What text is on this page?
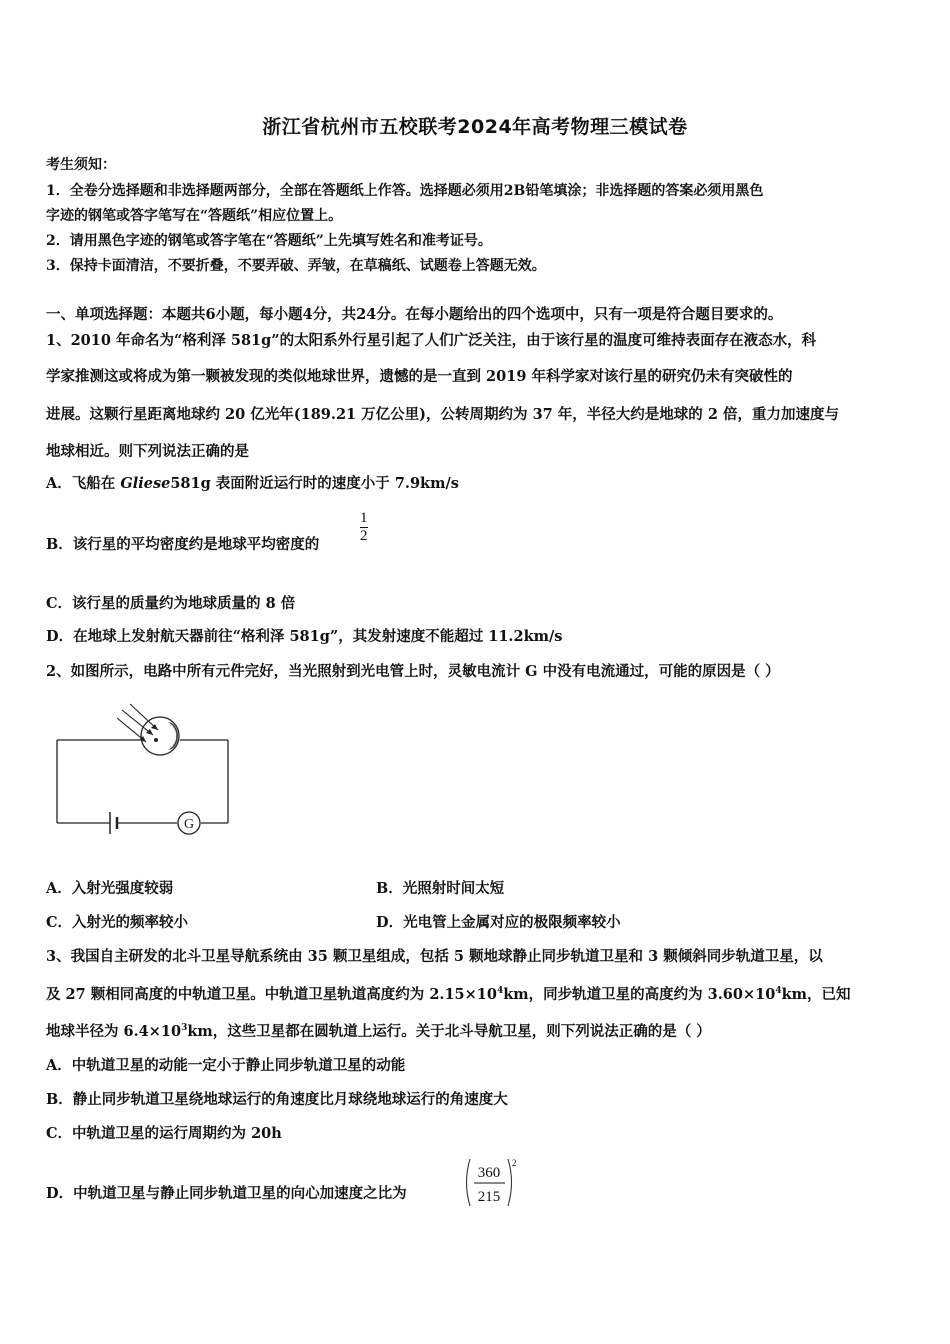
浙江省杭州市五校联考2024年高考物理三模试卷
考生须知：
1．全卷分选择题和非选择题两部分，全部在答题纸上作答。选择题必须用2B铅笔填涂；非选择题的答案必须用黑色
字迹的钢笔或答字笔写在“答题纸”相应位置上。
2．请用黑色字迹的钢笔或答字笔在“答题纸”上先填写姓名和准考证号。
3．保持卡面清洁，不要折叠，不要弄破、弄皱，在草稿纸、试题卷上答题无效。
一、单项选择题：本题共6小题，每小题4分，共24分。在每小题给出的四个选项中，只有一项是符合题目要求的。
1、2010 年命名为“格利泽 581g”的太阳系外行星引起了人们广泛关注，由于该行星的温度可维持表面存在液态水，科
学家推测这或将成为第一颗被发现的类似地球世界，遗憾的是一直到 2019 年科学家对该行星的研究仍未有突破性的
进展。这颗行星距离地球约 20 亿光年(189.21 万亿公里)，公转周期约为 37 年，半径大约是地球的 2 倍，重力加速度与
地球相近。则下列说法正确的是
A．飞船在 Gliese581g 表面附近运行时的速度小于 7.9km/s
B．该行星的平均密度约是地球平均密度的
$\frac{1}{2}$
C．该行星的质量约为地球质量的 8 倍
D．在地球上发射航天器前往“格利泽 581g”，其发射速度不能超过 11.2km/s
2、如图所示，电路中所有元件完好，当光照射到光电管上时，灵敏电流计 G 中没有电流通过，可能的原因是（ ）
G
A．入射光强度较弱	B．光照射时间太短
C．入射光的频率较小	D．光电管上金属对应的极限频率较小
3、我国自主研发的北斗卫星导航系统由 35 颗卫星组成，包括 5 颗地球静止同步轨道卫星和 3 颗倾斜同步轨道卫星，以
及 27 颗相同高度的中轨道卫星。中轨道卫星轨道高度约为 $2.15\times 10^4km$，同步轨道卫星的高度约为 $3.60\times 10^4km$，已知
地球半径为 $6.4\times 10^3km$，这些卫星都在圆轨道上运行。关于北斗导航卫星，则下列说法正确的是（ ）
A．中轨道卫星的动能一定小于静止同步轨道卫星的动能
B．静止同步轨道卫星绕地球运行的角速度比月球绕地球运行的角速度大
C．中轨道卫星的运行周期约为 20h
D．中轨道卫星与静止同步轨道卫星的向心加速度之比为
360
215
2
